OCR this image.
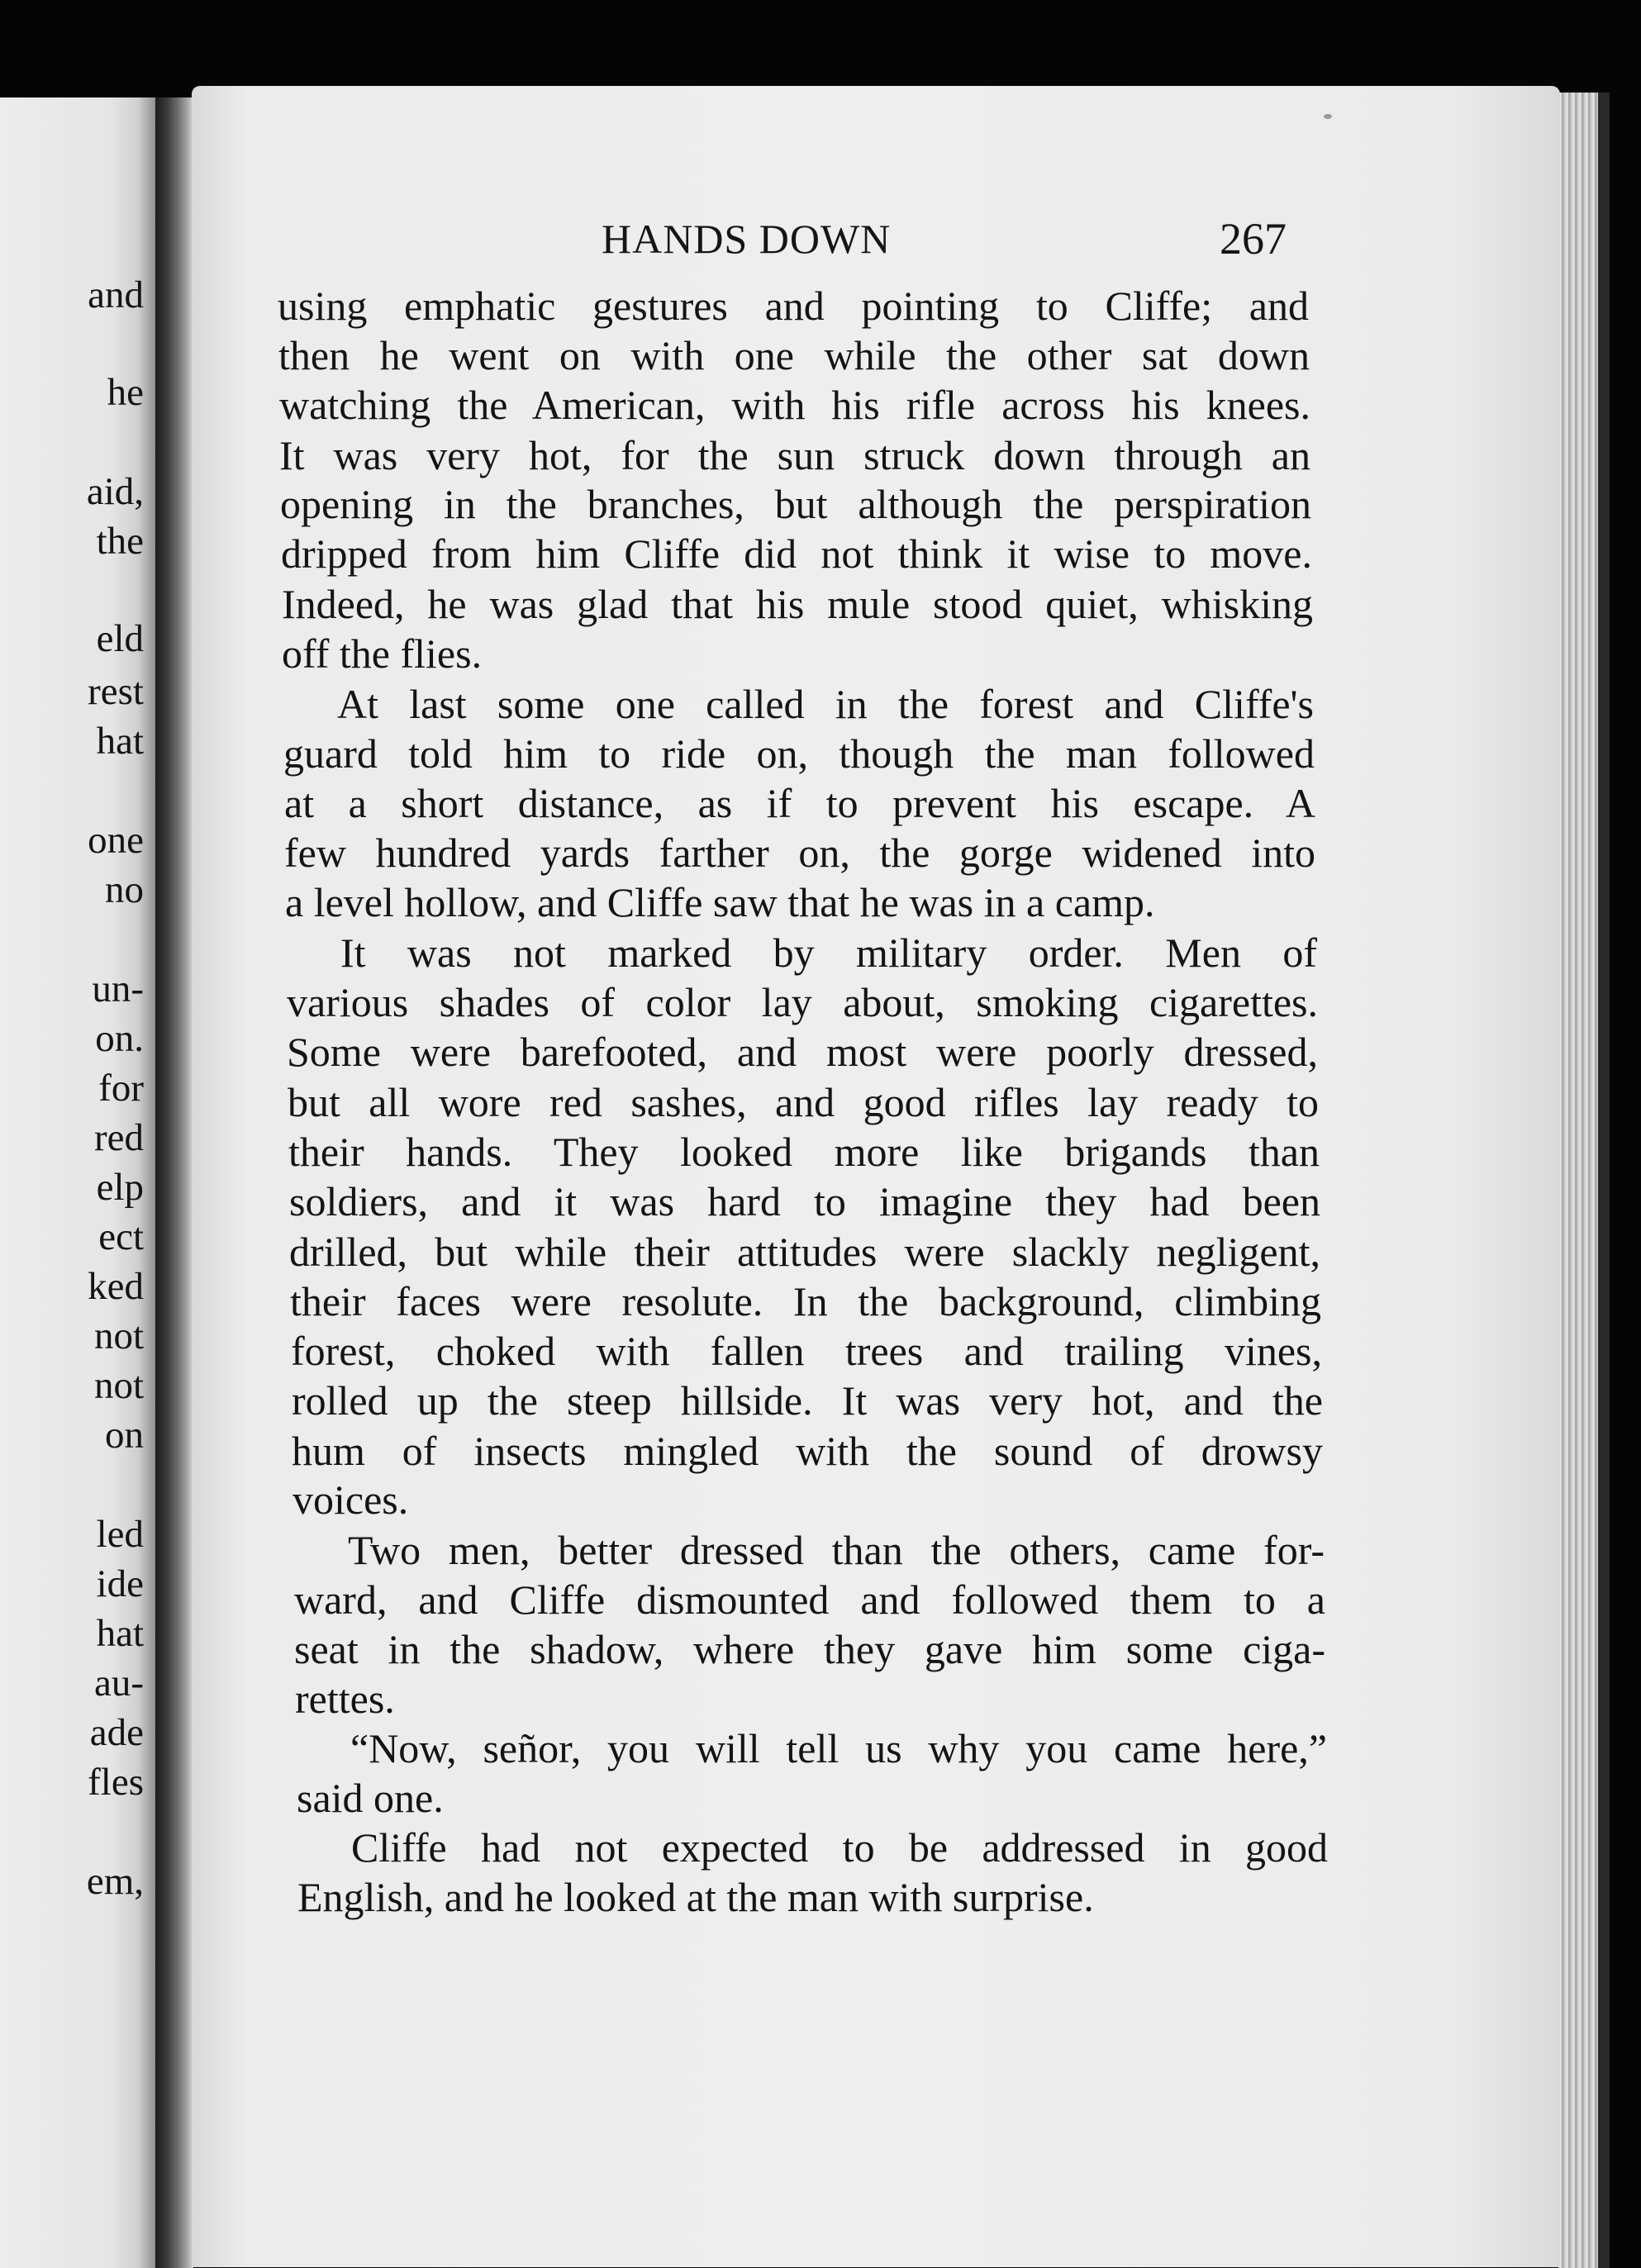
and
he
aid,
the
eld
rest
hat
one
no
un-
on.
for
red
elp
ect
ked
not
not
on
led
ide
hat
au-
ade
fles
em,
HANDS DOWN	267
using emphatic gestures and pointing to Cliffe; and
then he went on with one while the other sat down
watching the American, with his rifle across his knees.
It was very hot, for the sun struck down through an
opening in the branches, but although the perspiration
dripped from him Cliffe did not think it wise to move.
Indeed, he was glad that his mule stood quiet, whisking
off the flies.
At last some one called in the forest and Cliffe's
guard told him to ride on, though the man followed
at a short distance, as if to prevent his escape. A
few hundred yards farther on, the gorge widened into
a level hollow, and Cliffe saw that he was in a camp.
It was not marked by military order. Men of
various shades of color lay about, smoking cigarettes.
Some were barefooted, and most were poorly dressed,
but all wore red sashes, and good rifles lay ready to
their hands. They looked more like brigands than
soldiers, and it was hard to imagine they had been
drilled, but while their attitudes were slackly negligent,
their faces were resolute. In the background, climbing
forest, choked with fallen trees and trailing vines,
rolled up the steep hillside. It was very hot, and the
hum of insects mingled with the sound of drowsy
voices.
Two men, better dressed than the others, came for-
ward, and Cliffe dismounted and followed them to a
seat in the shadow, where they gave him some ciga-
rettes.
“Now, señor, you will tell us why you came here,”
said one.
Cliffe had not expected to be addressed in good
English, and he looked at the man with surprise.
